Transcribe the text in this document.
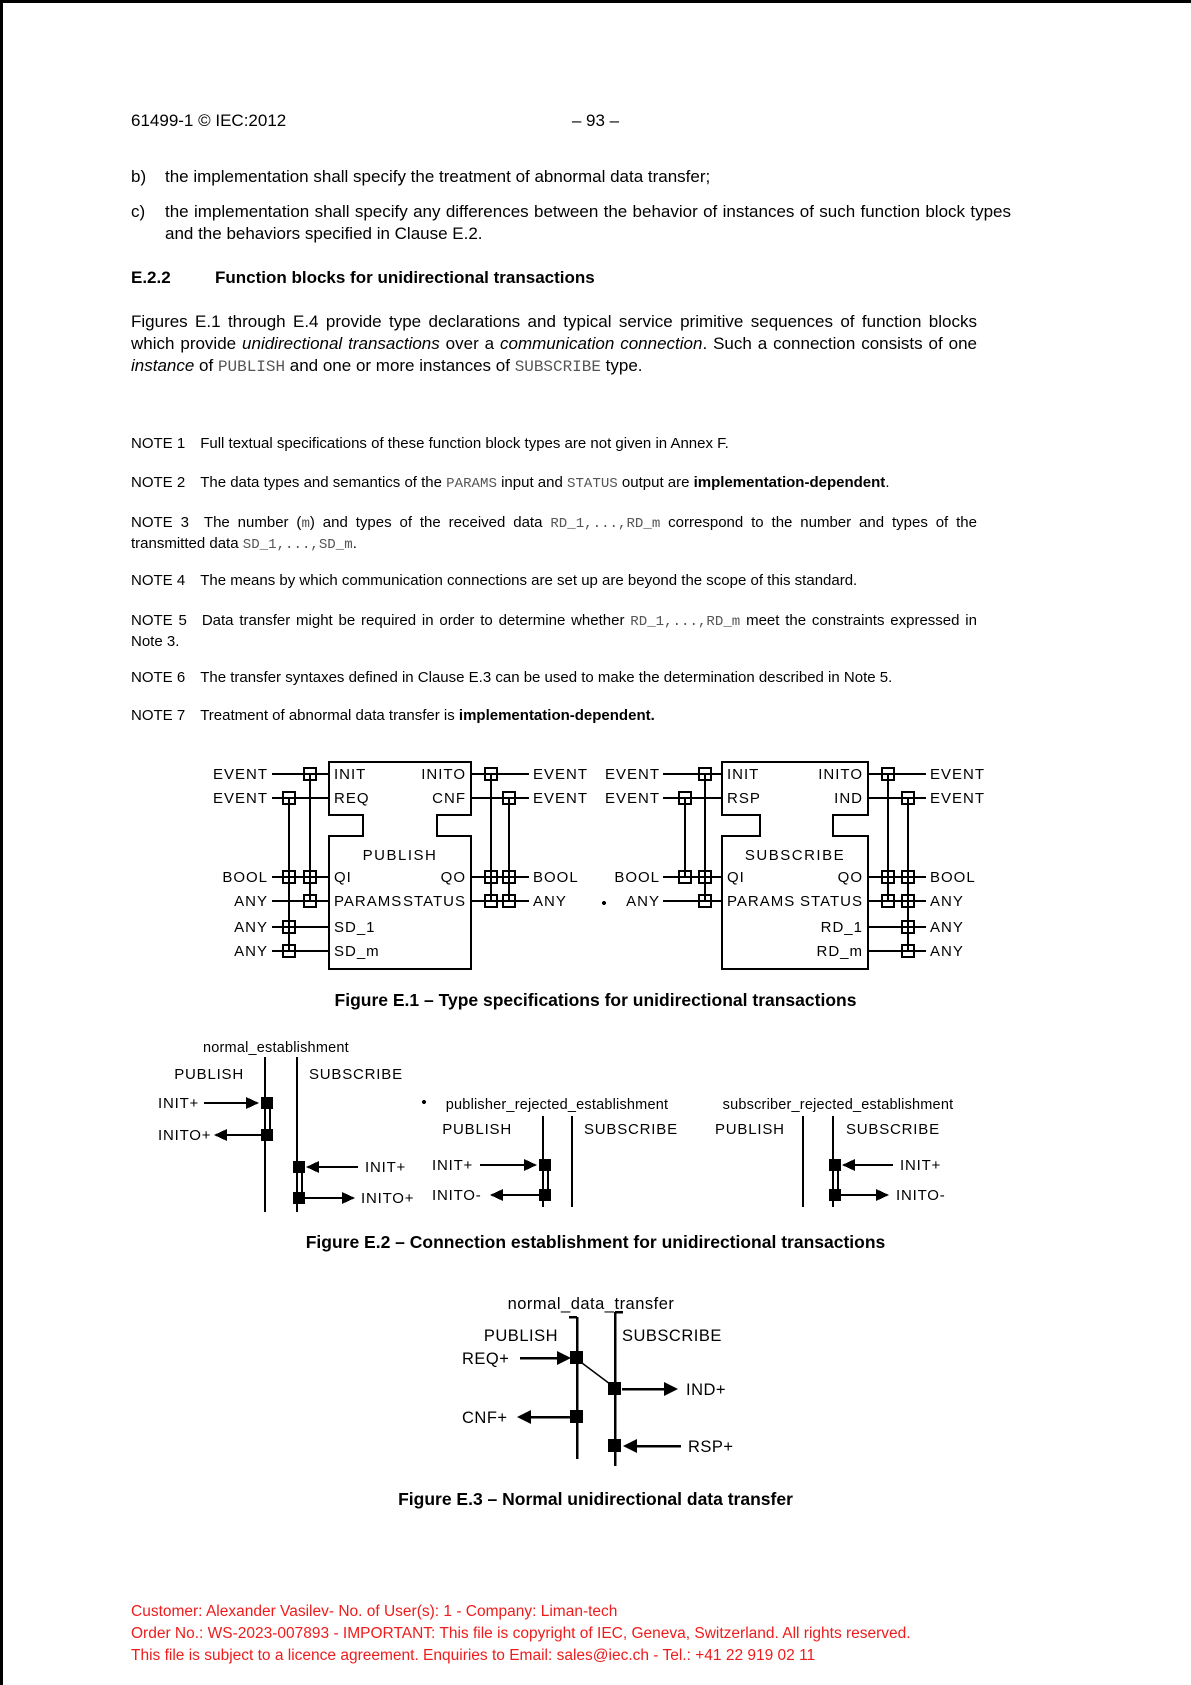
61499-1 © IEC:2012	– 93 –
b) the implementation shall specify the treatment of abnormal data transfer;
c) the implementation shall specify any differences between the behavior of instances of such function block types and the behaviors specified in Clause E.2.
E.2.2	Function blocks for unidirectional transactions
Figures E.1 through E.4 provide type declarations and typical service primitive sequences of function blocks which provide unidirectional transactions over a communication connection. Such a connection consists of one instance of PUBLISH and one or more instances of SUBSCRIBE type.
NOTE 1 Full textual specifications of these function block types are not given in Annex F.
NOTE 2 The data types and semantics of the PARAMS input and STATUS output are implementation-dependent.
NOTE 3 The number (m) and types of the received data RD_1,...,RD_m correspond to the number and types of the transmitted data SD_1,...,SD_m.
NOTE 4 The means by which communication connections are set up are beyond the scope of this standard.
NOTE 5 Data transfer might be required in order to determine whether RD_1,...,RD_m meet the constraints expressed in Note 3.
NOTE 6 The transfer syntaxes defined in Clause E.3 can be used to make the determination described in Note 5.
NOTE 7 Treatment of abnormal data transfer is implementation-dependent.
INIT	INITO
REQ	CNF
PUBLISH
QI	QO
PARAMS STATUS
SD_1
SD_m
EVENT
EVENT
BOOL
ANY
ANY
ANY
EVENT
EVENT
BOOL
ANY
INIT	INITO
RSP	IND
SUBSCRIBE
QI	QO
PARAMS STATUS
RD_1
RD_m
EVENT
EVENT
BOOL
ANY
EVENT
EVENT
BOOL
ANY
ANY
ANY
Figure E.1 – Type specifications for unidirectional transactions
normal_establishment
PUBLISH	SUBSCRIBE
INIT+
INITO+
INIT+
INITO+
publisher_rejected_establishment
PUBLISH	SUBSCRIBE
INIT+
INITO-
subscriber_rejected_establishment
PUBLISH	SUBSCRIBE
INIT+
INITO-
Figure E.2 – Connection establishment for unidirectional transactions
normal_data_transfer
PUBLISH	SUBSCRIBE
REQ+
IND+
CNF+
RSP+
Figure E.3 – Normal unidirectional data transfer
Customer: Alexander Vasilev- No. of User(s): 1 - Company: Liman-tech
Order No.: WS-2023-007893 - IMPORTANT: This file is copyright of IEC, Geneva, Switzerland. All rights reserved.
This file is subject to a licence agreement. Enquiries to Email: sales@iec.ch - Tel.: +41 22 919 02 11
